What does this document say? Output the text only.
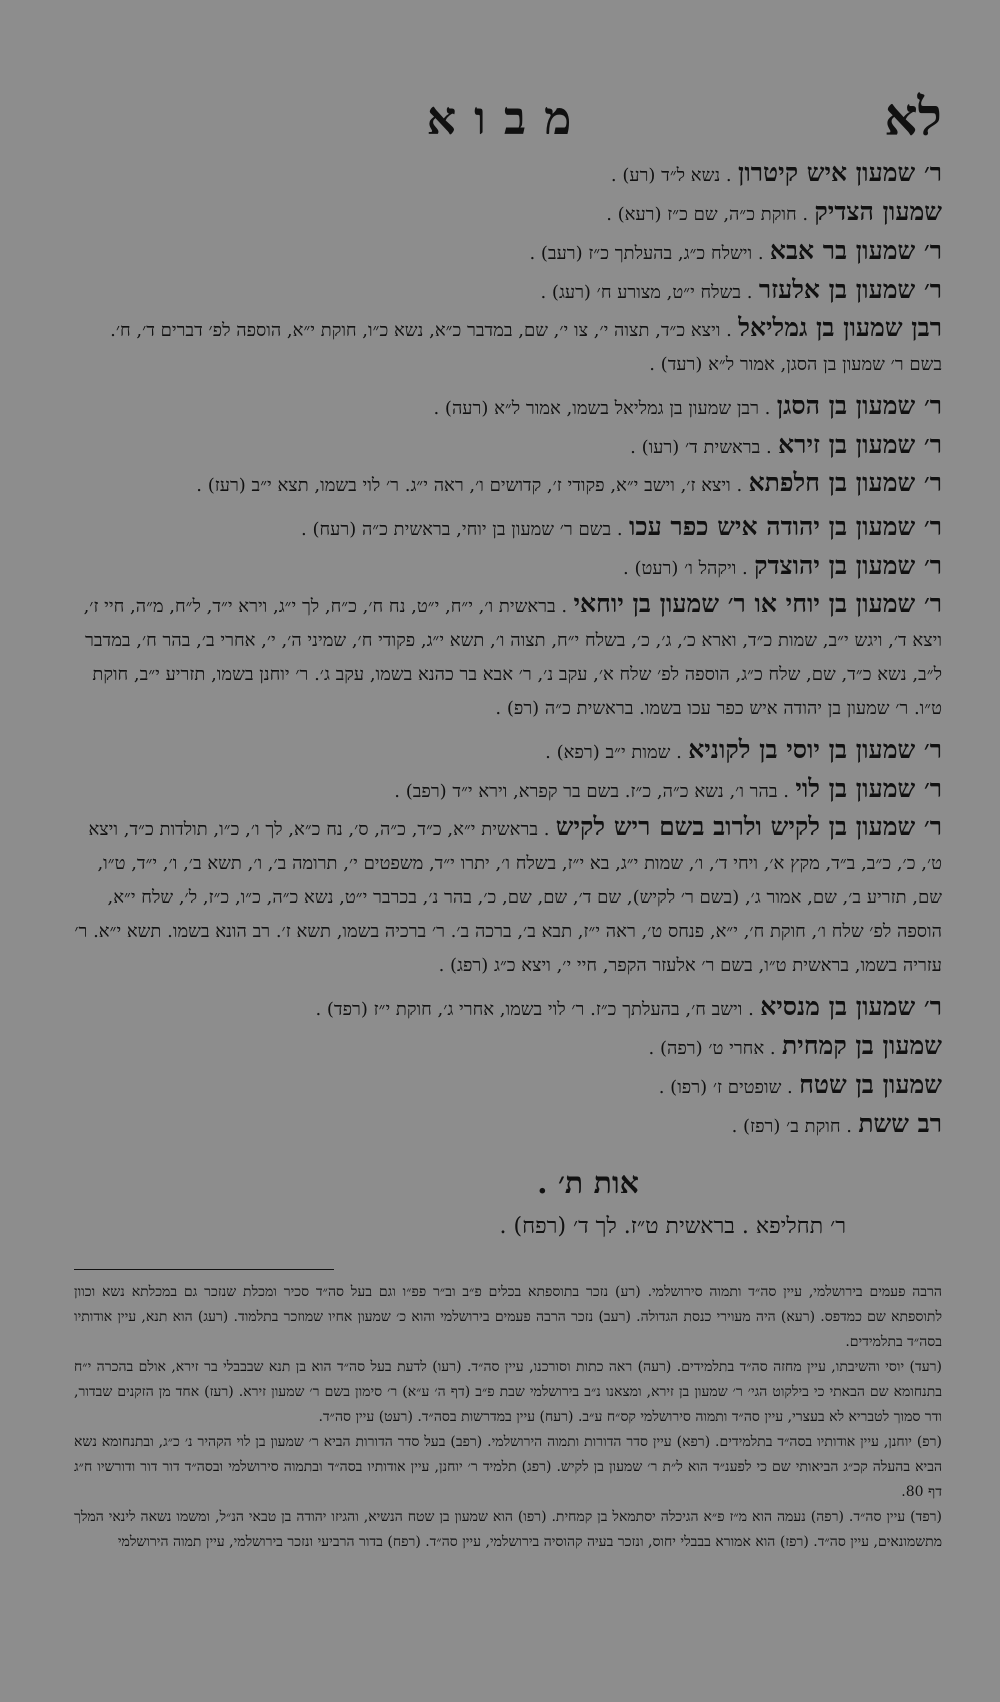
לא
מבוא

ר׳ שמעון איש קיטרון . נשא ל״ד (רע) .

שמעון הצדיק . חוקת כ״ה, שם כ״ז (רעא) .

ר׳ שמעון בר אבא . וישלח כ״ג, בהעלתך כ״ז (רעב) .

ר׳ שמעון בן אלעזר . בשלח י״ט, מצורע ח׳ (רעג) .

רבן שמעון בן גמליאל . ויצא כ״ד, תצוה י׳, צו י׳, שם, במדבר כ״א, נשא כ״ו, חוקת י״א, הוספה לפ׳ דברים ד׳, ח׳. בשם ר׳ שמעון בן הסגן, אמור ל״א (רעד) .

ר׳ שמעון בן הסגן . רבן שמעון בן גמליאל בשמו, אמור ל״א (רעה) .

ר׳ שמעון בן זירא . בראשית ד׳ (רעו) .

ר׳ שמעון בן חלפתא . ויצא ז׳, וישב י״א, פקודי ז׳, קדושים ו׳, ראה י״ג. ר׳ לוי בשמו, תצא י״ב (רעז) .

ר׳ שמעון בן יהודה איש כפר עכו . בשם ר׳ שמעון בן יוחי, בראשית כ״ה (רעח) .

ר׳ שמעון בן יהוצדק . ויקהל ו׳ (רעט) .

ר׳ שמעון בן יוחי או ר׳ שמעון בן יוחאי . בראשית ו׳, י״ח, י״ט, נח ח׳, כ״ח, לך י״ג, וירא י״ד, ל״ח, מ״ה, חיי ז׳, ויצא ד׳, ויגש י״ב, שמות כ״ד, וארא כ׳, ג׳, כ׳, בשלח י״ח, תצוה ו׳, תשא י״ג, פקודי ח׳, שמיני ה׳, י׳, אחרי ב׳, בהר ח׳, במדבר ל״ב, נשא כ״ד, שם, שלח כ״ג, הוספה לפ׳ שלח א׳, עקב נ׳, ר׳ אבא בר כהנא בשמו, עקב ג׳. ר׳ יוחנן בשמו, תזריע י״ב, חוקת ט״ו. ר׳ שמעון בן יהודה איש כפר עכו בשמו. בראשית כ״ה (רפ) .

ר׳ שמעון בן יוסי בן לקוניא . שמות י״ב (רפא) .

ר׳ שמעון בן לוי . בהר ו׳, נשא כ״ה, כ״ז. בשם בר קפרא, וירא י״ד (רפב) .

ר׳ שמעון בן לקיש ולרוב בשם ריש לקיש . בראשית י״א, כ״ד, כ״ה, ס׳, נח כ״א, לך ו׳, כ״ו, תולדות כ״ד, ויצא ט׳, כ׳, כ״ב, ב״ד, מקץ א׳, ויחי ד׳, ו׳, שמות י״ג, בא י״ז, בשלח ו׳, יתרו י״ד, משפטים י׳, תרומה ב׳, ו׳, תשא ב׳, ו׳, י״ד, ט״ו, שם, תזריע ב׳, שם, אמור ג׳, (בשם ר׳ לקיש), שם ד׳, שם, שם, כ׳, בהר נ׳, בכרבר י״ט, נשא כ״ה, כ״ו, כ״ז, ל׳, שלח י״א, הוספה לפ׳ שלח ו׳, חוקת ח׳, י״א, פנחס ט׳, ראה י״ז, תבא ב׳, ברכה ב׳. ר׳ ברכיה בשמו, תשא ז׳. רב הונא בשמו. תשא י״א. ר׳ עזריה בשמו, בראשית ט״ו, בשם ר׳ אלעזר הקפר, חיי י׳, ויצא כ״ג (רפג) .

ר׳ שמעון בן מנסיא . וישב ח׳, בהעלתך כ״ז. ר׳ לוי בשמו, אחרי ג׳, חוקת י״ז (רפד) .

שמעון בן קמחית . אחרי ט׳ (רפה) .

שמעון בן שטח . שופטים ז׳ (רפו) .

רב ששת . חוקת ב׳ (רפז) .

אות ת׳ .
ר׳ תחליפא . בראשית ט״ז. לך ד׳ (רפח) .

הרבה פעמים בירושלמי, עיין סה״ד ותמוה סירושלמי. (רע) נזכר בתוספתא בכלים פ״ב וב״ר פפ״ו וגם בעל סה״ד סכיר ומכלת שנזכר גם במכלתא נשא וכוון לתוספתא שם כמדפס. (רעא) היה מעוירי כנסת הגדולה. (רעב) נזכר הרבה פעמים בירושלמי והוא כ׳ שמעון אחיו שמוזכר בתלמוד. (רעג) הוא תנא, עיין אודותיו בסה״ד בתלמידים.

(רעד) יוסי והשיבתו, עיין מחזה סה״ד בתלמידים. (רעה) ראה כתות וסורכנו, עיין סה״ד. (רעו) לדעת בעל סה״ד הוא בן תנא שבבבלי בר זירא, אולם בהכרה י״ח בתנחומא שם הבאתי כי בילקוט הגי׳ ר׳ שמעון בן זירא, ומצאנו נ״ב בירושלמי שבת פ״ב (דף ה׳ ע״א) ר׳ סימון בשם ר׳ שמעון זירא. (רעז) אחד מן הזקנים שבדור, ודר סמוך לטבריא לא בעצרי, עיין סה״ד ותמוה סירושלמי קס״ח ע״ב. (רעח) עיין במדרשות בסה״ד. (רעט) עיין סה״ד.

(רפ) יוחנן, עיין אודותיו בסה״ד בתלמידים. (רפא) עיין סדר הדורות ותמוה הירושלמי. (רפב) בעל סדר הדורות הביא ר׳ שמעון בן לוי הקהיר נ׳ כ״ג, ובתנחומא נשא הביא בהעלה קכ״ג הביאותי שם כי לפענ״ד הוא ל״ת ר׳ שמעון בן לקיש. (רפג) תלמיד ר׳ יוחנן, עיין אודותיו בסה״ד ובתמוה סירושלמי ובסה״ד דור דור ודורשיו ח״ג דף 80.

(רפד) עיין סה״ד. (רפה) נעמה הוא מ״ז פ״א הגיכלה יסתמאל בן קמחית. (רפו) הוא שמעון בן שטח הנשיא, והגיזו יהודה בן טבאי הנ״ל, ומשמו נשאה לינאי המלך מתשמונאים, עיין סה״ד. (רפז) הוא אמורא בבבלי יחוס, ונזכר בעיה קהוסיה בירושלמי, עיין סה״ד. (רפח) בדור הרביעי ונזכר בירושלמי, עיין תמוה הירושלמי
